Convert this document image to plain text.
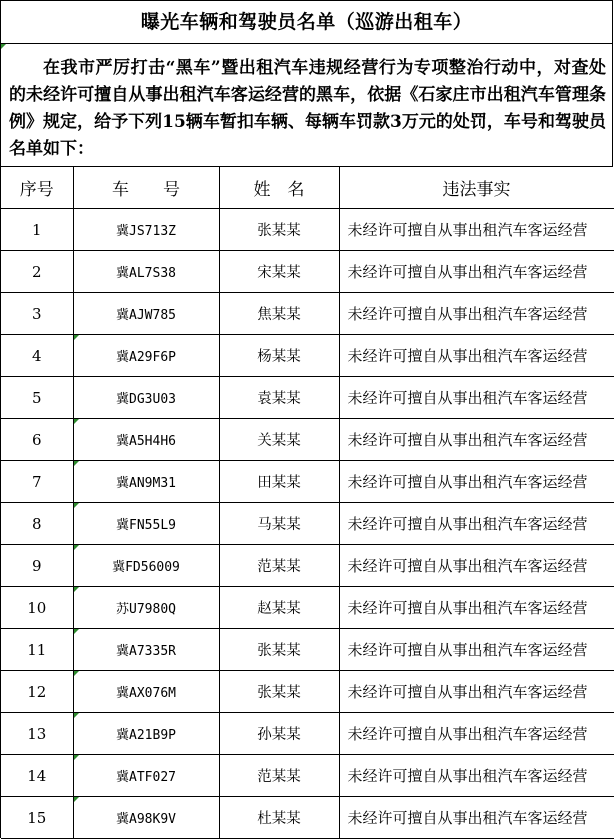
曝光车辆和驾驶员名单（巡游出租车）
在我市严厉打击“黑车”暨出租汽车违规经营行为专项整治行动中，对查处的未经许可擅自从事出租汽车客运经营的黑车，依据《石家庄市出租汽车管理条例》规定，给予下列15辆车暂扣车辆、每辆车罚款3万元的处罚，车号和驾驶员名单如下：
序号	车　　号	姓　名	违法事实
1	冀JS713Z	张某某	未经许可擅自从事出租汽车客运经营
2	冀AL7S38	宋某某	未经许可擅自从事出租汽车客运经营
3	冀AJW785	焦某某	未经许可擅自从事出租汽车客运经营
4	冀A29F6P	杨某某	未经许可擅自从事出租汽车客运经营
5	冀DG3U03	袁某某	未经许可擅自从事出租汽车客运经营
6	冀A5H4H6	关某某	未经许可擅自从事出租汽车客运经营
7	冀AN9M31	田某某	未经许可擅自从事出租汽车客运经营
8	冀FN55L9	马某某	未经许可擅自从事出租汽车客运经营
9	冀FD56009	范某某	未经许可擅自从事出租汽车客运经营
10	苏U7980Q	赵某某	未经许可擅自从事出租汽车客运经营
11	冀A7335R	张某某	未经许可擅自从事出租汽车客运经营
12	冀AX076M	张某某	未经许可擅自从事出租汽车客运经营
13	冀A21B9P	孙某某	未经许可擅自从事出租汽车客运经营
14	冀ATF027	范某某	未经许可擅自从事出租汽车客运经营
15	冀A98K9V	杜某某	未经许可擅自从事出租汽车客运经营
